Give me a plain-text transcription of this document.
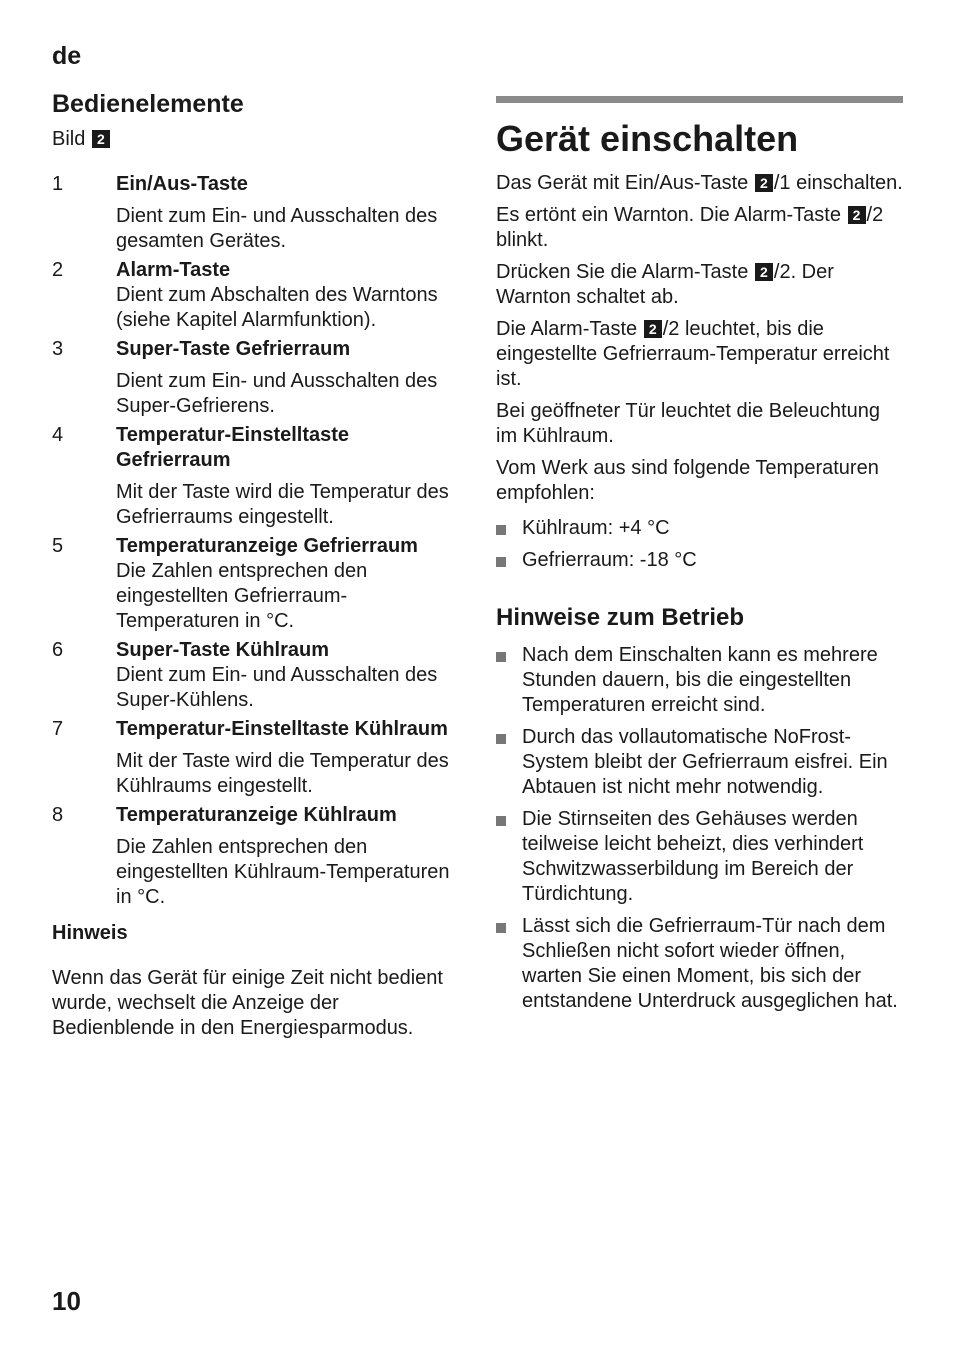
de
Bedienelemente
Bild 2
1	Ein/Aus-Taste
Dient zum Ein- und Ausschalten des gesamten Gerätes.
2	Alarm-Taste
Dient zum Abschalten des Warntons (siehe Kapitel Alarmfunktion).
3	Super-Taste Gefrierraum
Dient zum Ein- und Ausschalten des Super-Gefrierens.
4	Temperatur-Einstelltaste Gefrierraum
Mit der Taste wird die Temperatur des Gefrierraums eingestellt.
5	Temperaturanzeige Gefrierraum
Die Zahlen entsprechen den eingestellten Gefrierraum-Temperaturen in °C.
6	Super-Taste Kühlraum
Dient zum Ein- und Ausschalten des Super-Kühlens.
7	Temperatur-Einstelltaste Kühlraum
Mit der Taste wird die Temperatur des Kühlraums eingestellt.
8	Temperaturanzeige Kühlraum
Die Zahlen entsprechen den eingestellten Kühlraum-Temperaturen in °C.
Hinweis
Wenn das Gerät für einige Zeit nicht bedient wurde, wechselt die Anzeige der Bedienblende in den Energiesparmodus.
Gerät einschalten

Das Gerät mit Ein/Aus-Taste 2 /1 einschalten.

Es ertönt ein Warnton. Die Alarm-Taste 2 /2 blinkt.

Drücken Sie die Alarm-Taste 2 /2. Der Warnton schaltet ab.

Die Alarm-Taste 2 /2 leuchtet, bis die eingestellte Gefrierraum-Temperatur erreicht ist.

Bei geöffneter Tür leuchtet die Beleuchtung im Kühlraum.

Vom Werk aus sind folgende Temperaturen empfohlen:

Kühlraum: +4 °C
Gefrierraum: -18 °C
Hinweise zum Betrieb
Nach dem Einschalten kann es mehrere Stunden dauern, bis die eingestellten Temperaturen erreicht sind.
Durch das vollautomatische NoFrost-System bleibt der Gefrierraum eisfrei. Ein Abtauen ist nicht mehr notwendig.
Die Stirnseiten des Gehäuses werden teilweise leicht beheizt, dies verhindert Schwitzwasserbildung im Bereich der Türdichtung.
Lässt sich die Gefrierraum-Tür nach dem Schließen nicht sofort wieder öffnen, warten Sie einen Moment, bis sich der entstandene Unterdruck ausgeglichen hat.
10
